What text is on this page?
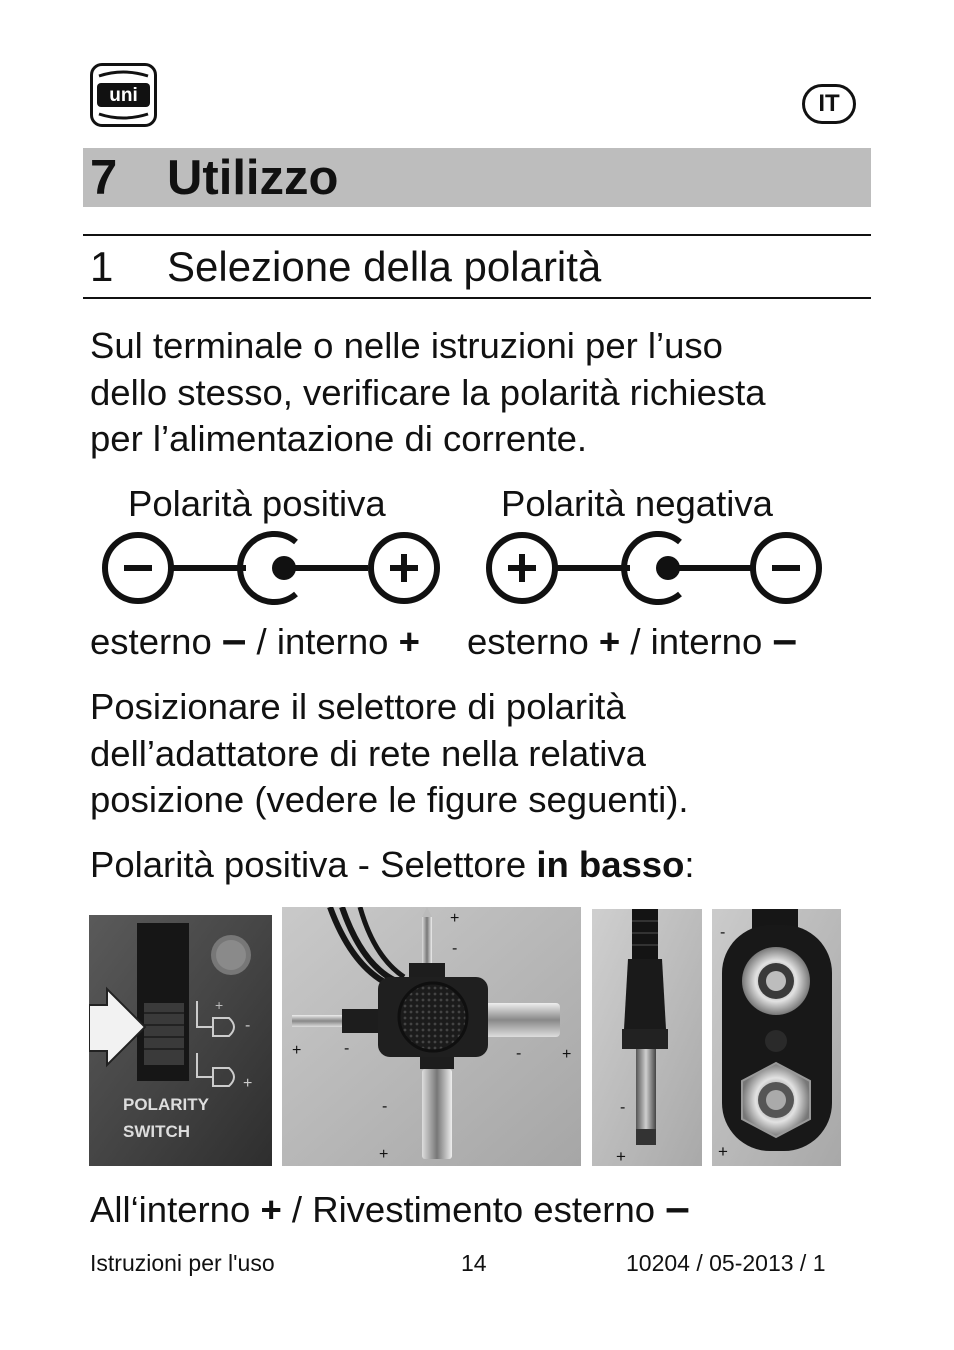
uni	IT
7 Utilizzo
1 Selezione della polarità
Sul terminale o nelle istruzioni per l’uso
dello stesso, verificare la polarità richiesta
per l’alimentazione di corrente.
Polarità positiva	Polarità negativa
esterno – / interno + esterno + / interno –
Posizionare il selettore di polarità
dell’adattatore di rete nella relativa
posizione (vedere le figure seguenti).
Polarità positiva - Selettore in basso:
+
-
+
POLARITY
SWITCH
+
-
+	-	-	+
-
+
-
+
-
+
All‘interno + / Rivestimento esterno –
Istruzioni per l'uso	14	10204 / 05-2013 / 1
